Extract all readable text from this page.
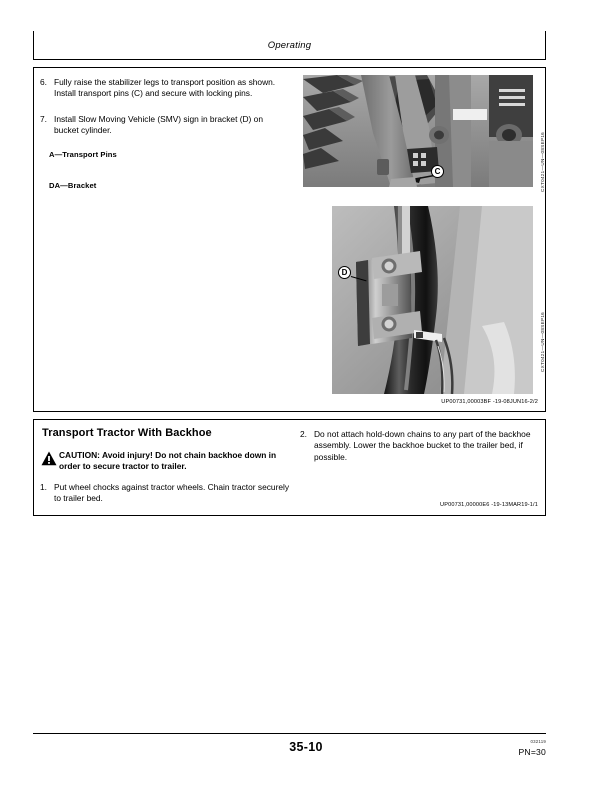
Operating
6. Fully raise the stabilizer legs to transport position as shown. Install transport pins (C) and secure with locking pins.
7. Install Slow Moving Vehicle (SMV) sign in bracket (D) on bucket cylinder.
A—Transport Pins
DA—Bracket
C
D
CXT0421—UN—08SEP16
CXT0421—UN—08SEP16
UP00731,00003BF -19-08JUN16-2/2
Transport Tractor With Backhoe
CAUTION: Avoid injury! Do not chain backhoe down in order to secure tractor to trailer.
1. Put wheel chocks against tractor wheels. Chain tractor securely to trailer bed.
2. Do not attach hold-down chains to any part of the backhoe assembly. Lower the backhoe bucket to the trailer bed, if possible.
UP00731,00000E6 -19-13MAR19-1/1
35-10	032119
PN=30
